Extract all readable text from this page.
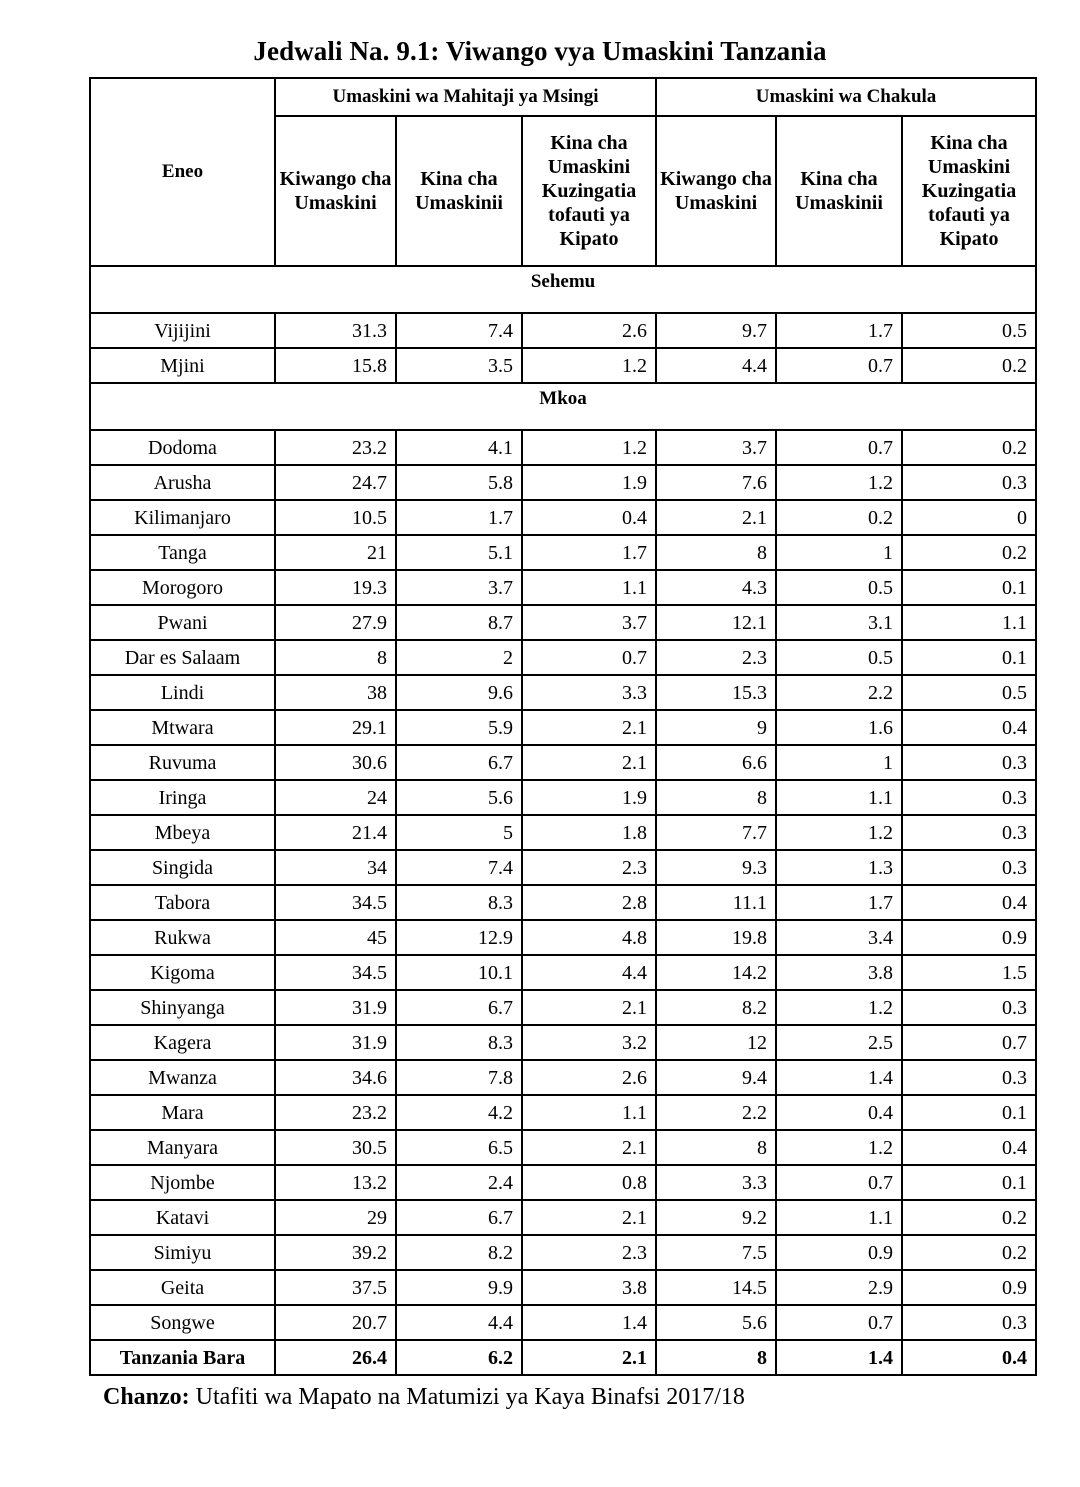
Jedwali Na. 9.1: Viwango vya Umaskini Tanzania
Eneo	Umaskini wa Mahitaji ya Msingi			Umaskini wa Chakula		
	Kiwango cha Umaskini	Kina cha Umaskinii	Kina cha Umaskini Kuzingatia tofauti ya Kipato	Kiwango cha Umaskini	Kina cha Umaskinii	Kina cha Umaskini Kuzingatia tofauti ya Kipato
Sehemu						
Vijijini	31.3	7.4	2.6	9.7	1.7	0.5
Mjini	15.8	3.5	1.2	4.4	0.7	0.2
Mkoa						
Dodoma	23.2	4.1	1.2	3.7	0.7	0.2
Arusha	24.7	5.8	1.9	7.6	1.2	0.3
Kilimanjaro	10.5	1.7	0.4	2.1	0.2	0
Tanga	21	5.1	1.7	8	1	0.2
Morogoro	19.3	3.7	1.1	4.3	0.5	0.1
Pwani	27.9	8.7	3.7	12.1	3.1	1.1
Dar es Salaam	8	2	0.7	2.3	0.5	0.1
Lindi	38	9.6	3.3	15.3	2.2	0.5
Mtwara	29.1	5.9	2.1	9	1.6	0.4
Ruvuma	30.6	6.7	2.1	6.6	1	0.3
Iringa	24	5.6	1.9	8	1.1	0.3
Mbeya	21.4	5	1.8	7.7	1.2	0.3
Singida	34	7.4	2.3	9.3	1.3	0.3
Tabora	34.5	8.3	2.8	11.1	1.7	0.4
Rukwa	45	12.9	4.8	19.8	3.4	0.9
Kigoma	34.5	10.1	4.4	14.2	3.8	1.5
Shinyanga	31.9	6.7	2.1	8.2	1.2	0.3
Kagera	31.9	8.3	3.2	12	2.5	0.7
Mwanza	34.6	7.8	2.6	9.4	1.4	0.3
Mara	23.2	4.2	1.1	2.2	0.4	0.1
Manyara	30.5	6.5	2.1	8	1.2	0.4
Njombe	13.2	2.4	0.8	3.3	0.7	0.1
Katavi	29	6.7	2.1	9.2	1.1	0.2
Simiyu	39.2	8.2	2.3	7.5	0.9	0.2
Geita	37.5	9.9	3.8	14.5	2.9	0.9
Songwe	20.7	4.4	1.4	5.6	0.7	0.3
Tanzania Bara	26.4	6.2	2.1	8	1.4	0.4
Chanzo: Utafiti wa Mapato na Matumizi ya Kaya Binafsi 2017/18
